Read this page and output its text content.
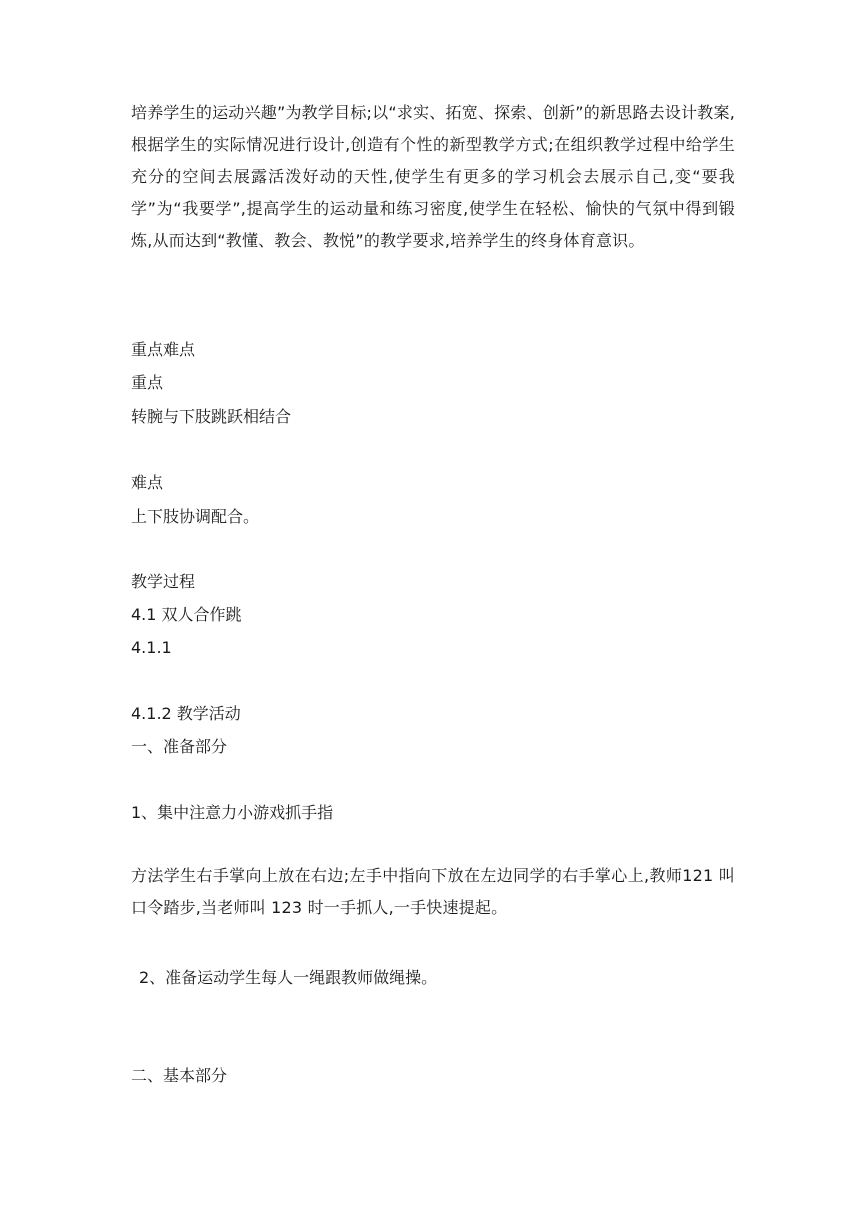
培养学生的运动兴趣”为教学目标;以“求实、拓宽、探索、创新”的新思路去设计教案,根据学生的实际情况进行设计,创造有个性的新型教学方式;在组织教学过程中给学生充分的空间去展露活泼好动的天性,使学生有更多的学习机会去展示自己,变“要我学”为“我要学”,提高学生的运动量和练习密度,使学生在轻松、愉快的气氛中得到锻炼,从而达到“教懂、教会、教悦”的教学要求,培养学生的终身体育意识。

重点难点

重点

转腕与下肢跳跃相结合

难点

上下肢协调配合。

教学过程

4.1 双人合作跳

4.1.1

4.1.2 教学活动

一、准备部分

1、集中注意力小游戏抓手指

方法学生右手掌向上放在右边;左手中指向下放在左边同学的右手掌心上,教师121 叫口令踏步,当老师叫 123 时一手抓人,一手快速提起。

2、准备运动学生每人一绳跟教师做绳操。

二、基本部分
